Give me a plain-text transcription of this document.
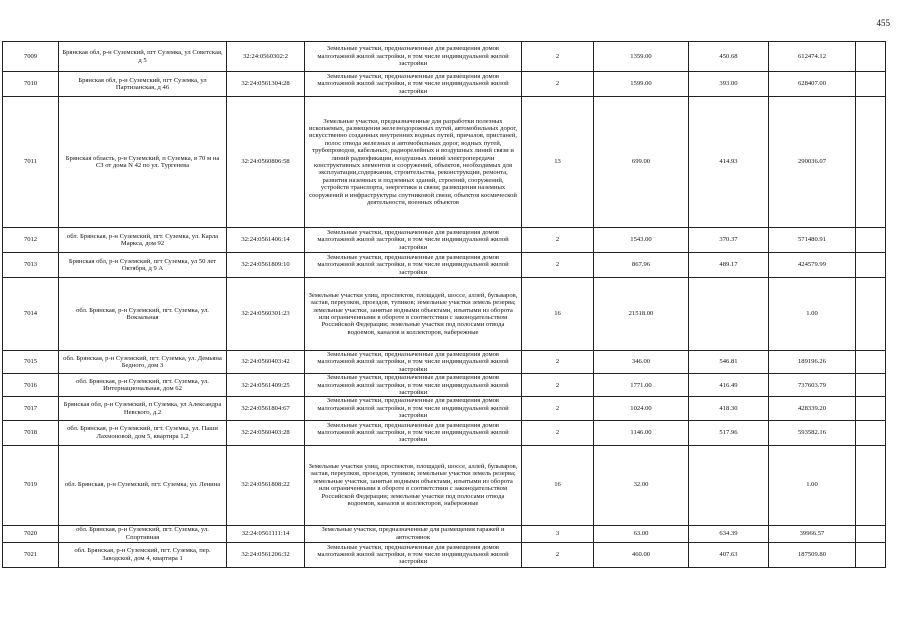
455
7009	Брянская обл, р-н Суземский, пгт Суземка, ул Советская, д 5	32:24:0560302:2	Земельные участки, предназначенные для размещения домов малоэтажной жилой застройки, в том числе индивидуальной жилой застройки	2	1359.00	450.68	612474.12	
7010	Брянская обл, р-н Суземский, пгт Суземка, ул Партизанская, д 46	32:24:0561304:28	Земельные участки, предназначенные для размещения домов малоэтажной жилой застройки, в том числе индивидуальной жилой застройки	2	1599.00	393.00	628407.00	
7011	Брянская область, р-н Суземский, п Суземка, в 70 м на СЗ от дома N 42 по ул. Тургенева	32:24:0560806:58	Земельные участки, предназначенные для разработки полезных ископаемых, размещения железнодорожных путей, автомобильных дорог, искусственно созданных внутренних водных путей, причалов, пристаней, полос отвода железных и автомобильных дорог, водных путей, трубопроводов, кабельных, радиорелейных и воздушных линий связи и линий радиофикации, воздушных линий электропередачи конструктивных элементов и сооружений, объектов, необходимых для эксплуатации,содержания, строительства, реконструкции, ремонта, развития наземных и подземных зданий, строений, сооружений, устройств транспорта, энергетики и связи; размещения наземных сооружений и инфраструктуры спутниковой связи, объектов космической деятельности, военных объектов	13	699.00	414.93	290036.07	
7012	обл. Брянская, р-н Суземский, пгт. Суземка, ул. Карла Маркса, дом 92	32:24:0561406:14	Земельные участки, предназначенные для размещения домов малоэтажной жилой застройки, в том числе индивидуальной жилой застройки	2	1543.00	370.37	571480.91	
7013	Брянская обл, р-н Суземский, пгт Суземка, ул 50 лет Октября, д 9 А	32:24:0561809:10	Земельные участки, предназначенные для размещения домов малоэтажной жилой застройки, в том числе индивидуальной жилой застройки	2	867.96	489.17	424579.99	
7014	обл. Брянская, р-н Суземский, пгт. Суземка, ул. Вокзальная	32:24:0560301:23	Земельные участки улиц, проспектов, площадей, шоссе, аллей, бульваров, застав, переулков, проездов, тупиков; земельные участки земель резерва; земельные участки, занятые водными объектами, изъятыми из оборота или ограниченными в обороте в соответствии с законодательством Российской Федерации; земельные участки под полосами отвода водоемов, каналов и коллекторов, набережные	16	21518.00		1.00	
7015	обл. Брянская, р-н Суземский, пгт. Суземка, ул. Демьяна Бедного, дом 3	32:24:0560403:42	Земельные участки, предназначенные для размещения домов малоэтажной жилой застройки, в том числе индивидуальной жилой застройки	2	346.00	546.81	189196.26	
7016	обл. Брянская, р-н Суземский, пгт. Суземка, ул. Интернациональная, дом 62	32:24:0561409:25	Земельные участки, предназначенные для размещения домов малоэтажной жилой застройки, в том числе индивидуальной жилой застройки	2	1771.00	416.49	737603.79	
7017	Брянская обл, р-н Суземский, п Суземка, ул Александра Невского, д.2	32:24:0561804:67	Земельные участки, предназначенные для размещения домов малоэтажной жилой застройки, в том числе индивидуальной жилой застройки	2	1024.00	418.30	428339.20	
7018	обл. Брянская, р-н Суземский, пгт. Суземка, ул. Паши Лахмоновой, дом 5, квартира 1,2	32:24:0560403:28	Земельные участки, предназначенные для размещения домов малоэтажной жилой застройки, в том числе индивидуальной жилой застройки	2	1146.00	517.96	593582.16	
7019	обл. Брянская, р-н Суземский, пгт. Суземка, ул. Ленина	32:24:0561808:22	Земельные участки улиц, проспектов, площадей, шоссе, аллей, бульваров, застав, переулков, проездов, тупиков; земельные участки земель резерва; земельные участки, занятые водными объектами, изъятыми из оборота или ограниченными в обороте в соответствии с законодательством Российской Федерации; земельные участки под полосами отвода водоемов, каналов и коллекторов, набережные	16	32.00		1.00	
7020	обл. Брянская, р-н Суземский, пгт. Суземка, ул. Спортивная	32:24:0561111:14	Земельные участки, предназначенные для размещения гаражей и автостоянок	3	63.00	634.39	39966.57	
7021	обл. Брянская, р-н Суземский, пгт. Суземка, пер. Заводской, дом 4, квартира 1	32:24:0561206:32	Земельные участки, предназначенные для размещения домов малоэтажной жилой застройки, в том числе индивидуальной жилой застройки	2	460.00	407.63	187509.80	
